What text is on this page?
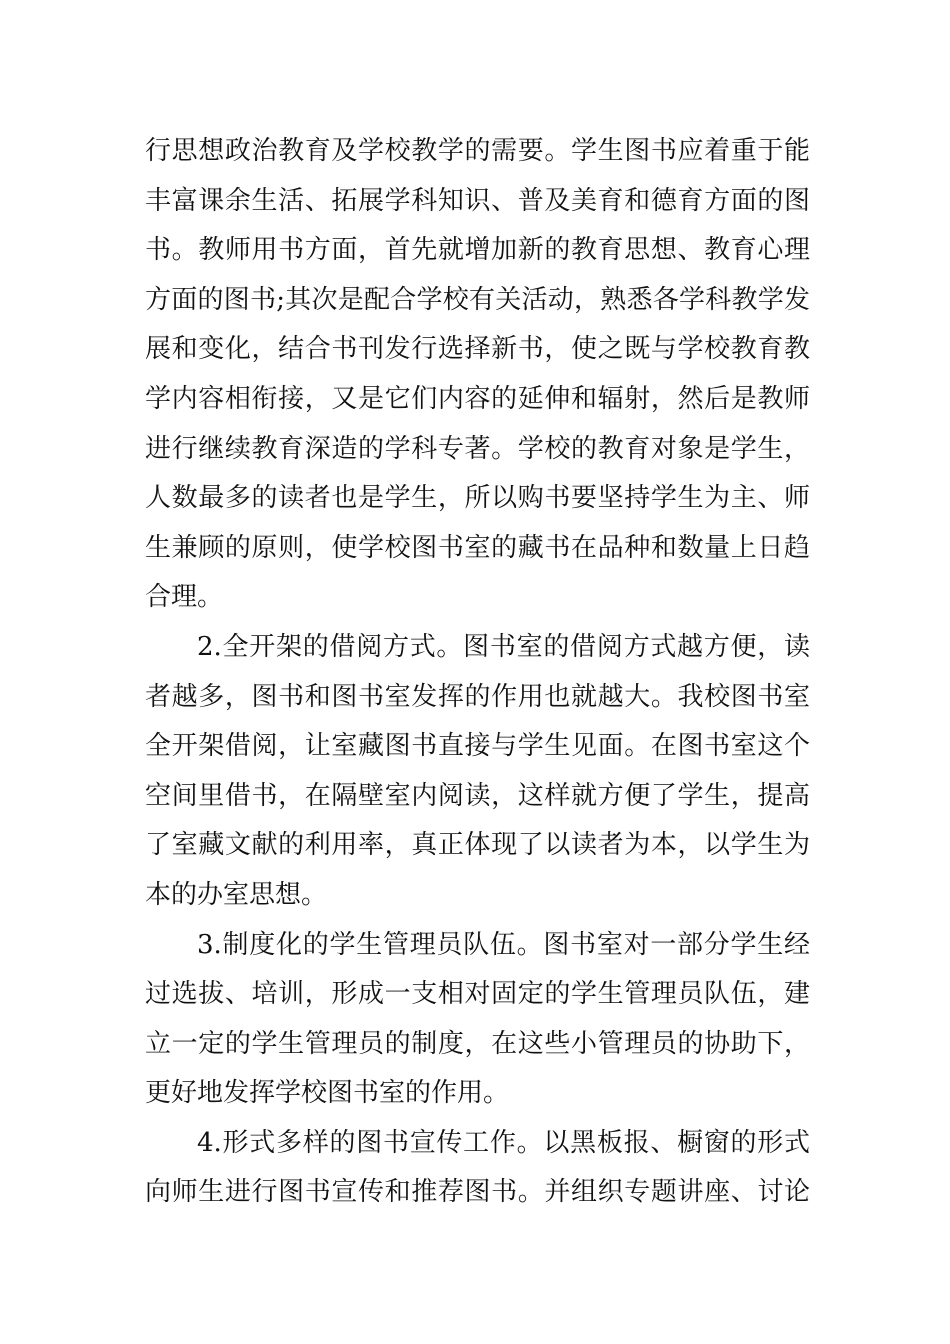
行思想政治教育及学校教学的需要。学生图书应着重于能
丰富课余生活、拓展学科知识、普及美育和德育方面的图
书。教师用书方面，首先就增加新的教育思想、教育心理
方面的图书;其次是配合学校有关活动，熟悉各学科教学发
展和变化，结合书刊发行选择新书，使之既与学校教育教
学内容相衔接，又是它们内容的延伸和辐射，然后是教师
进行继续教育深造的学科专著。学校的教育对象是学生，
人数最多的读者也是学生，所以购书要坚持学生为主、师
生兼顾的原则，使学校图书室的藏书在品种和数量上日趋
合理。
2.全开架的借阅方式。图书室的借阅方式越方便，读
者越多，图书和图书室发挥的作用也就越大。我校图书室
全开架借阅，让室藏图书直接与学生见面。在图书室这个
空间里借书，在隔壁室内阅读，这样就方便了学生，提高
了室藏文献的利用率，真正体现了以读者为本，以学生为
本的办室思想。
3.制度化的学生管理员队伍。图书室对一部分学生经
过选拔、培训，形成一支相对固定的学生管理员队伍，建
立一定的学生管理员的制度，在这些小管理员的协助下，
更好地发挥学校图书室的作用。
4.形式多样的图书宣传工作。以黑板报、橱窗的形式
向师生进行图书宣传和推荐图书。并组织专题讲座、讨论
